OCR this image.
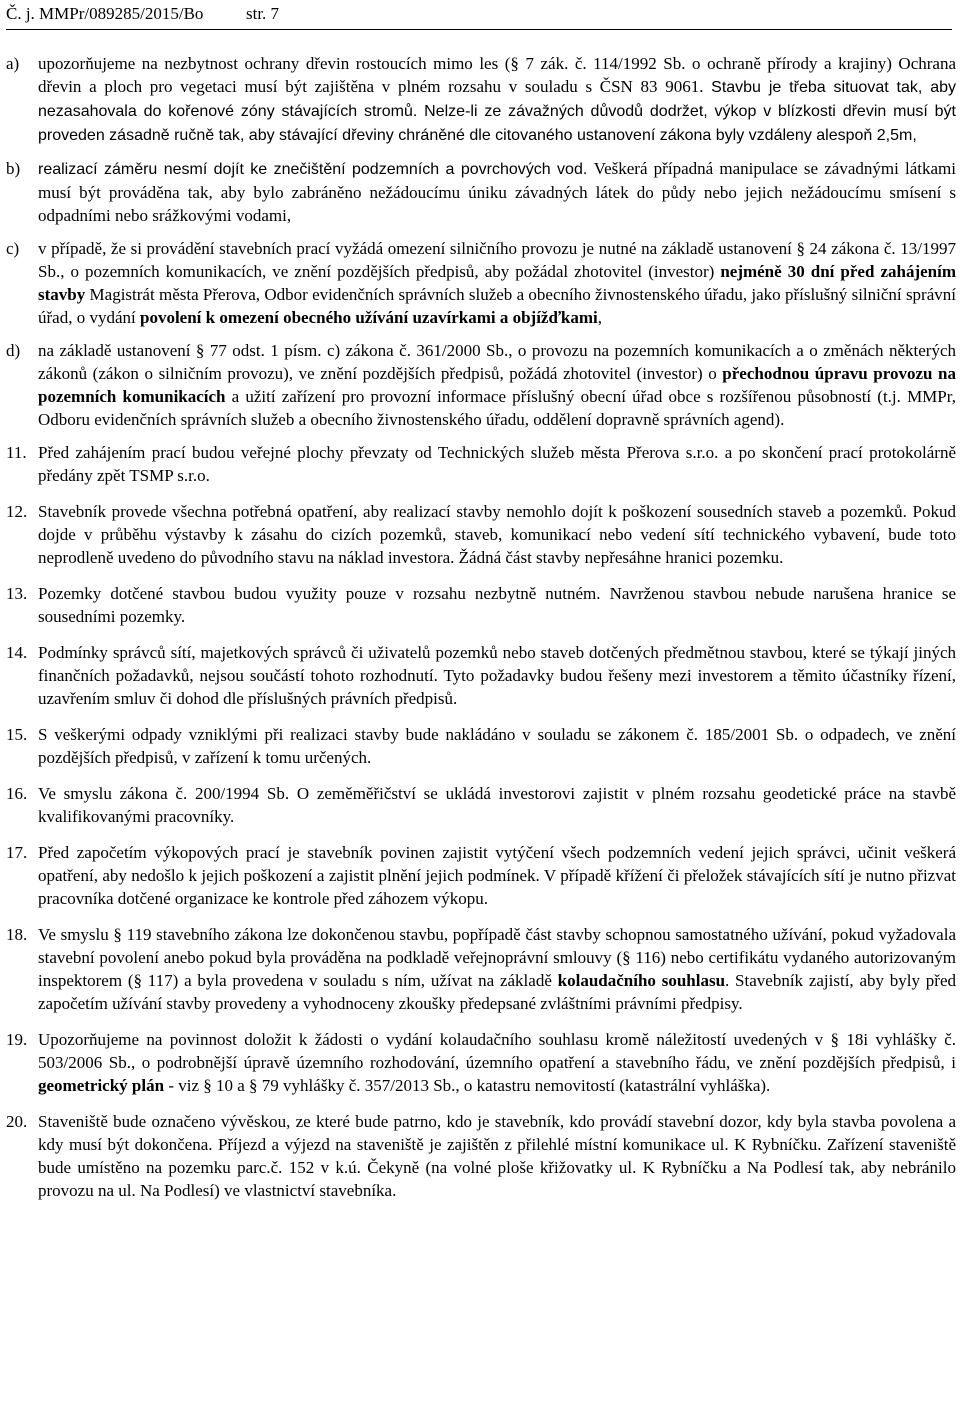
Č. j. MMPr/089285/2015/Bo	str. 7
a) upozorňujeme na nezbytnost ochrany dřevin rostoucích mimo les (§ 7 zák. č. 114/1992 Sb. o ochraně přírody a krajiny) Ochrana dřevin a ploch pro vegetaci musí být zajištěna v plném rozsahu v souladu s ČSN 83 9061. Stavbu je třeba situovat tak, aby nezasahovala do kořenové zóny stávajících stromů. Nelze-li ze závažných důvodů dodržet, výkop v blízkosti dřevin musí být proveden zásadně ručně tak, aby stávající dřeviny chráněné dle citovaného ustanovení zákona byly vzdáleny alespoň 2,5m,

b) realizací záměru nesmí dojít ke znečištění podzemních a povrchových vod. Veškerá případná manipulace se závadnými látkami musí být prováděna tak, aby bylo zabráněno nežádoucímu úniku závadných látek do půdy nebo jejich nežádoucímu smísení s odpadními nebo srážkovými vodami,

c) v případě, že si provádění stavebních prací vyžádá omezení silničního provozu je nutné na základě ustanovení § 24 zákona č. 13/1997 Sb., o pozemních komunikacích, ve znění pozdějších předpisů, aby požádal zhotovitel (investor) nejméně 30 dní před zahájením stavby Magistrát města Přerova, Odbor evidenčních správních služeb a obecního živnostenského úřadu, jako příslušný silniční správní úřad, o vydání povolení k omezení obecného užívání uzavírkami a objížďkami,

d) na základě ustanovení § 77 odst. 1 písm. c) zákona č. 361/2000 Sb., o provozu na pozemních komunikacích a o změnách některých zákonů (zákon o silničním provozu), ve znění pozdějších předpisů, požádá zhotovitel (investor) o přechodnou úpravu provozu na pozemních komunikacích a užití zařízení pro provozní informace příslušný obecní úřad obce s rozšířenou působností (t.j. MMPr, Odboru evidenčních správních služeb a obecního živnostenského úřadu, oddělení dopravně správních agend).

11. Před zahájením prací budou veřejné plochy převzaty od Technických služeb města Přerova s.r.o. a po skončení prací protokolárně předány zpět TSMP s.r.o.

12. Stavebník provede všechna potřebná opatření, aby realizací stavby nemohlo dojít k poškození sousedních staveb a pozemků. Pokud dojde v průběhu výstavby k zásahu do cizích pozemků, staveb, komunikací nebo vedení sítí technického vybavení, bude toto neprodleně uvedeno do původního stavu na náklad investora. Žádná část stavby nepřesáhne hranici pozemku.

13. Pozemky dotčené stavbou budou využity pouze v rozsahu nezbytně nutném. Navrženou stavbou nebude narušena hranice se sousedními pozemky.

14. Podmínky správců sítí, majetkových správců či uživatelů pozemků nebo staveb dotčených předmětnou stavbou, které se týkají jiných finančních požadavků, nejsou součástí tohoto rozhodnutí. Tyto požadavky budou řešeny mezi investorem a těmito účastníky řízení, uzavřením smluv či dohod dle příslušných právních předpisů.

15. S veškerými odpady vzniklými při realizaci stavby bude nakládáno v souladu se zákonem č. 185/2001 Sb. o odpadech, ve znění pozdějších předpisů, v zařízení k tomu určených.

16. Ve smyslu zákona č. 200/1994 Sb. O zeměměřičství se ukládá investorovi zajistit v plném rozsahu geodetické práce na stavbě kvalifikovanými pracovníky.

17. Před započetím výkopových prací je stavebník povinen zajistit vytýčení všech podzemních vedení jejich správci, učinit veškerá opatření, aby nedošlo k jejich poškození a zajistit plnění jejich podmínek. V případě křížení či přeložek stávajících sítí je nutno přizvat pracovníka dotčené organizace ke kontrole před záhozem výkopu.

18. Ve smyslu § 119 stavebního zákona lze dokončenou stavbu, popřípadě část stavby schopnou samostatného užívání, pokud vyžadovala stavební povolení anebo pokud byla prováděna na podkladě veřejnoprávní smlouvy (§ 116) nebo certifikátu vydaného autorizovaným inspektorem (§ 117) a byla provedena v souladu s ním, užívat na základě kolaudačního souhlasu. Stavebník zajistí, aby byly před započetím užívání stavby provedeny a vyhodnoceny zkoušky předepsané zvláštními právními předpisy.

19. Upozorňujeme na povinnost doložit k žádosti o vydání kolaudačního souhlasu kromě náležitostí uvedených v § 18i vyhlášky č. 503/2006 Sb., o podrobnější úpravě územního rozhodování, územního opatření a stavebního řádu, ve znění pozdějších předpisů, i geometrický plán - viz § 10 a § 79 vyhlášky č. 357/2013 Sb., o katastru nemovitostí (katastrální vyhláška).

20. Staveniště bude označeno vývěskou, ze které bude patrno, kdo je stavebník, kdo provádí stavební dozor, kdy byla stavba povolena a kdy musí být dokončena. Příjezd a výjezd na staveniště je zajištěn z přilehlé místní komunikace ul. K Rybníčku. Zařízení staveniště bude umístěno na pozemku parc.č. 152 v k.ú. Čekyně (na volné ploše křižovatky ul. K Rybníčku a Na Podlesí tak, aby nebránilo provozu na ul. Na Podlesí) ve vlastnictví stavebníka.
